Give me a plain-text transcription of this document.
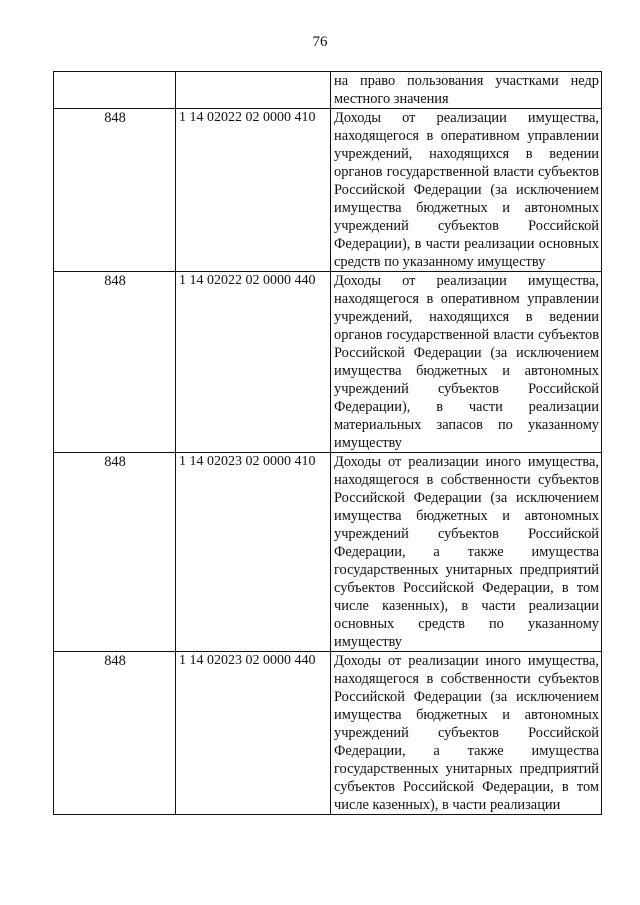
76
		на право пользования участками недр местного значения
848	1 14 02022 02 0000 410	Доходы от реализации имущества, находящегося в оперативном управлении учреждений, находящихся в ведении органов государственной власти субъектов Российской Федерации (за исключением имущества бюджетных и автономных учреждений субъектов Российской Федерации), в части реализации основных средств по указанному имуществу
848	1 14 02022 02 0000 440	Доходы от реализации имущества, находящегося в оперативном управлении учреждений, находящихся в ведении органов государственной власти субъектов Российской Федерации (за исключением имущества бюджетных и автономных учреждений субъектов Российской Федерации), в части реализации материальных запасов по указанному имуществу
848	1 14 02023 02 0000 410	Доходы от реализации иного имущества, находящегося в собственности субъектов Российской Федерации (за исключением имущества бюджетных и автономных учреждений субъектов Российской Федерации, а также имущества государственных унитарных предприятий субъектов Российской Федерации, в том числе казенных), в части реализации основных средств по указанному имуществу
848	1 14 02023 02 0000 440	Доходы от реализации иного имущества, находящегося в собственности субъектов Российской Федерации (за исключением имущества бюджетных и автономных учреждений субъектов Российской Федерации, а также имущества государственных унитарных предприятий субъектов Российской Федерации, в том числе казенных), в части реализации
